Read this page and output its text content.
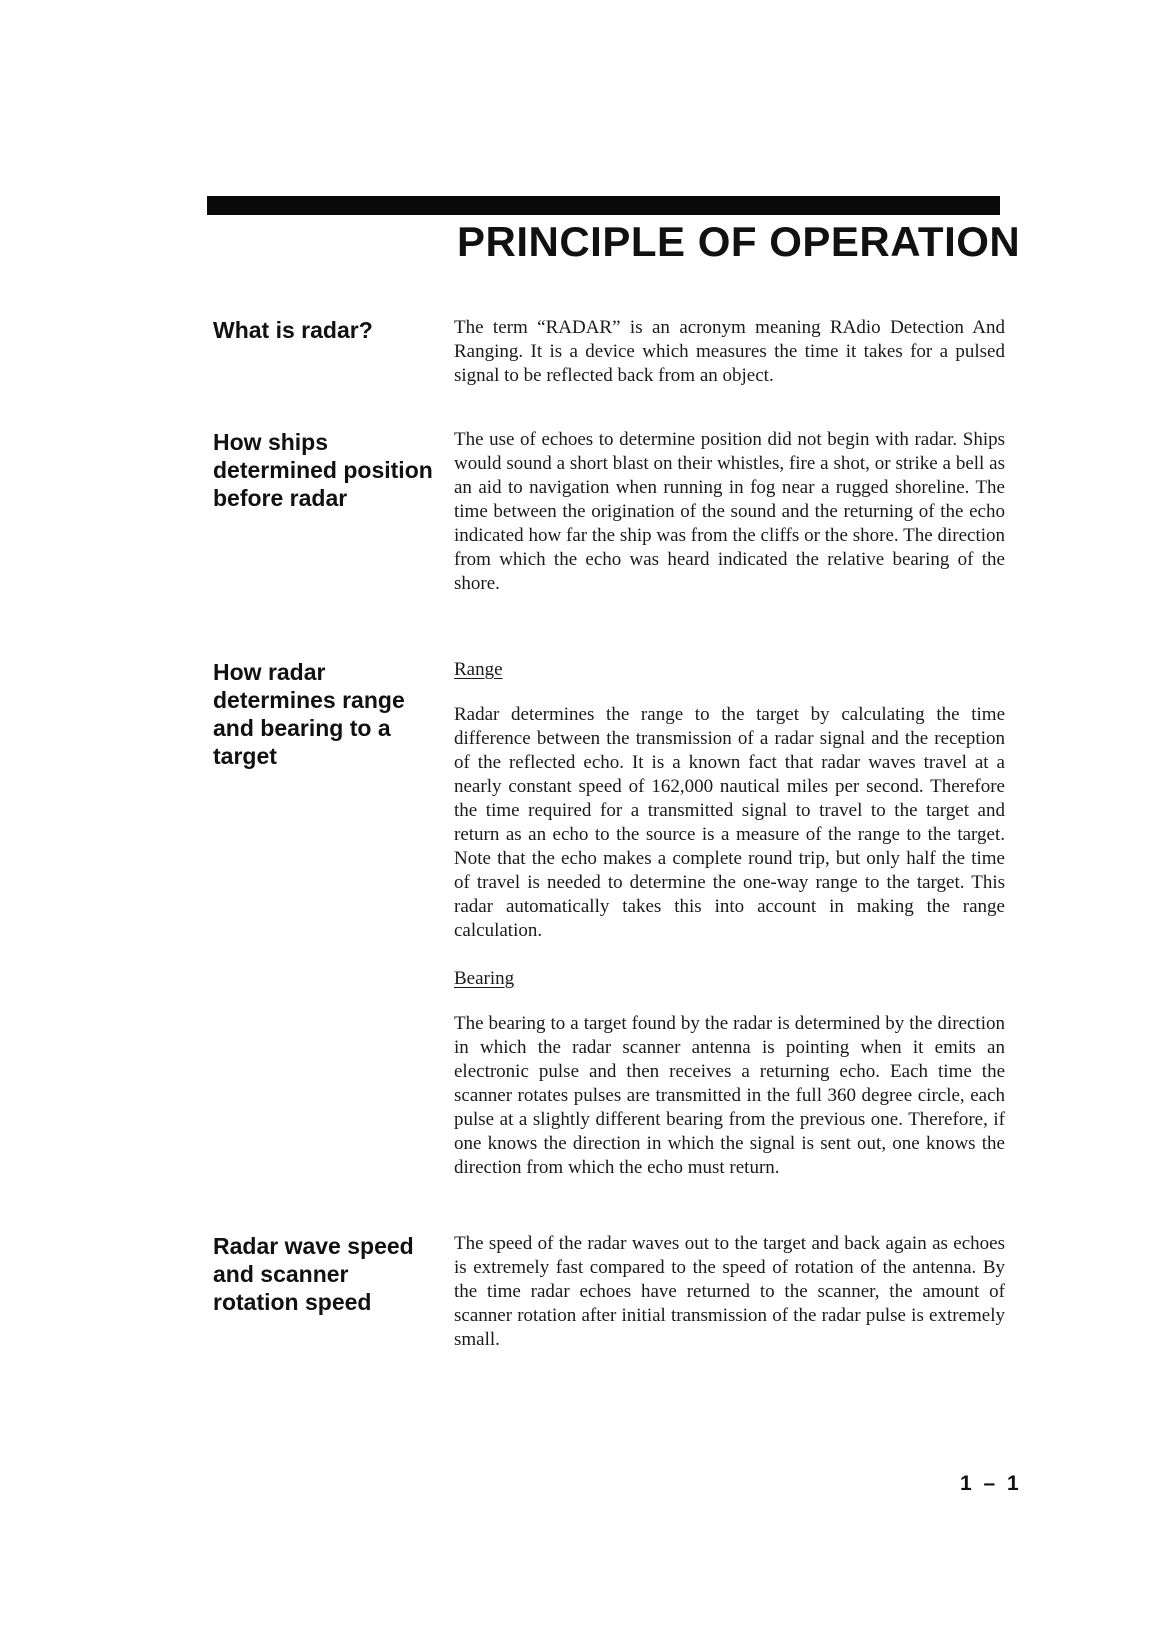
PRINCIPLE OF OPERATION
What is radar?	The term “RADAR” is an acronym meaning RAdio Detection And Ranging. It is a device which measures the time it takes for a pulsed signal to be reflected back from an object.

How ships determined position before radar

The use of echoes to determine position did not begin with radar. Ships would sound a short blast on their whistles, fire a shot, or strike a bell as an aid to navigation when running in fog near a rugged shoreline. The time between the origination of the sound and the returning of the echo indicated how far the ship was from the cliffs or the shore. The direction from which the echo was heard indicated the relative bearing of the shore.

How radar determines range and bearing to a target
Range

Radar determines the range to the target by calculating the time difference between the transmission of a radar signal and the reception of the reflected echo. It is a known fact that radar waves travel at a nearly constant speed of 162,000 nautical miles per second. Therefore the time required for a transmitted signal to travel to the target and return as an echo to the source is a measure of the range to the target. Note that the echo makes a complete round trip, but only half the time of travel is needed to determine the one-way range to the target. This radar automatically takes this into account in making the range calculation.

Bearing

The bearing to a target found by the radar is determined by the direction in which the radar scanner antenna is pointing when it emits an electronic pulse and then receives a returning echo. Each time the scanner rotates pulses are transmitted in the full 360 degree circle, each pulse at a slightly different bearing from the previous one. Therefore, if one knows the direction in which the signal is sent out, one knows the direction from which the echo must return.

Radar wave speed and scanner rotation speed

The speed of the radar waves out to the target and back again as echoes is extremely fast compared to the speed of rotation of the antenna. By the time radar echoes have returned to the scanner, the amount of scanner rotation after initial transmission of the radar pulse is extremely small.

1 – 1
